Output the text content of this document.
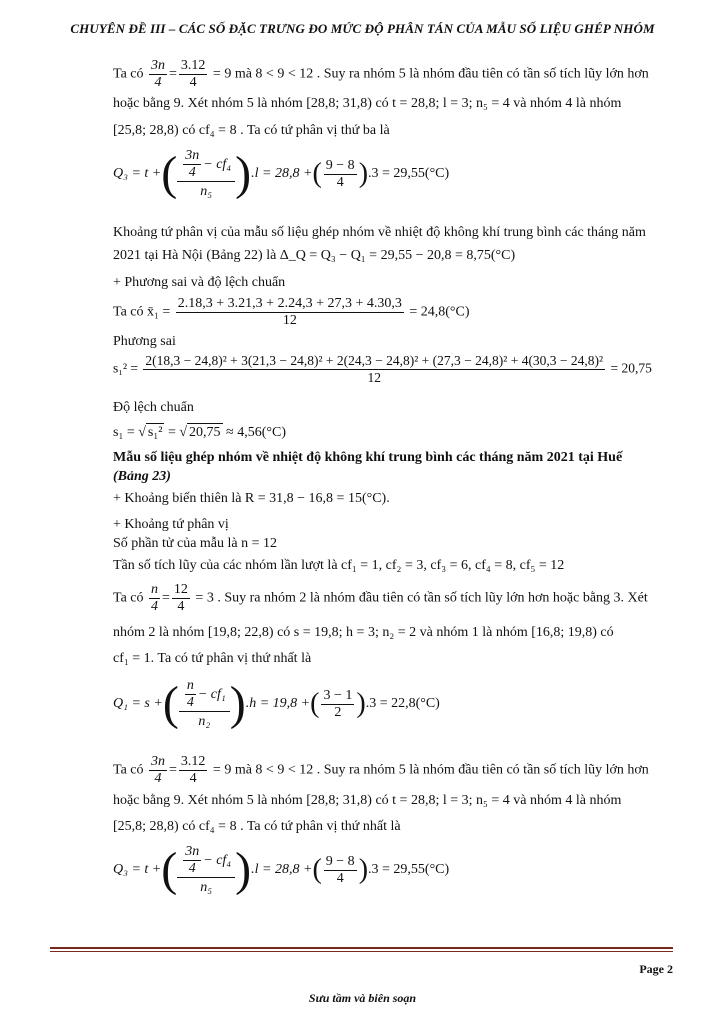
CHUYÊN ĐỀ III – CÁC SỐ ĐẶC TRƯNG ĐO MỨC ĐỘ PHÂN TÁN CỦA MẪU SỐ LIỆU GHÉP NHÓM
Ta có $\frac{3n}{4} = \frac{3.12}{4} = 9$ mà 8 < 9 < 12 . Suy ra nhóm 5 là nhóm đầu tiên có tần số tích lũy lớn hơn
hoặc bằng 9. Xét nhóm 5 là nhóm [28,8; 31,8) có t = 28,8; l = 3; n₅ = 4 và nhóm 4 là nhóm
[25,8; 28,8) có cf₄ = 8 . Ta có tứ phân vị thứ ba là
Q₃ = t + ( $\frac{3n}{4} - cf_4$
n₅ ) .l = 28,8 + ( $\frac{9 - 8}{4}$ ) .3 = 29,55(°C)
Khoảng tứ phân vị của mẫu số liệu ghép nhóm về nhiệt độ không khí trung bình các tháng năm
2021 tại Hà Nội (Bảng 22) là Δ_Q = Q₃ − Q₁ = 29,55 − 20,8 = 8,75(°C)
+ Phương sai và độ lệch chuẩn
Ta có x̄₁ = $\frac{2.18,3 + 3.21,3 + 2.24,3 + 27,3 + 4.30,3}{12} = 24,8(^\circ C)$
Phương sai
s₁² =
2(18,3 − 24,8)² + 3(21,3 − 24,8)² + 2(24,3 − 24,8)² + (27,3 − 24,8)² + 4(30,3 − 24,8)²
12
= 20,75
Độ lệch chuẩn
s₁ = √ s₁² = √ 20,75 ≈ 4,56(°C)
Mẫu số liệu ghép nhóm về nhiệt độ không khí trung bình các tháng năm 2021 tại Huế
(Bảng 23)
+ Khoảng biến thiên là R = 31,8 − 16,8 = 15(°C).
+ Khoảng tứ phân vị
Số phần tử của mẫu là n = 12
Tần số tích lũy của các nhóm lần lượt là cf₁ = 1, cf₂ = 3, cf₃ = 6, cf₄ = 8, cf₅ = 12
Ta có $\frac{n}{4} = \frac{12}{4} = 3$ . Suy ra nhóm 2 là nhóm đầu tiên có tần số tích lũy lớn hơn hoặc bằng 3. Xét
nhóm 2 là nhóm [19,8; 22,8) có s = 19,8; h = 3; n₂ = 2 và nhóm 1 là nhóm [16,8; 19,8) có
cf₁ = 1. Ta có tứ phân vị thứ nhất là
Q₁ = s + ( $\frac{n}{4} - cf_1$
n₂ ) .h = 19,8 + ( $\frac{3 - 1}{2}$ ) .3 = 22,8(°C)
Ta có $\frac{3n}{4} = \frac{3.12}{4} = 9$ mà 8 < 9 < 12 . Suy ra nhóm 5 là nhóm đầu tiên có tần số tích lũy lớn hơn
hoặc bằng 9. Xét nhóm 5 là nhóm [28,8; 31,8) có t = 28,8; l = 3; n₅ = 4 và nhóm 4 là nhóm
[25,8; 28,8) có cf₄ = 8 . Ta có tứ phân vị thứ nhất là
Q₃ = t + ( $\frac{3n}{4} - cf_4$
n₅ ) .l = 28,8 + ( $\frac{9 - 8}{4}$ ) .3 = 29,55(°C)
Page 2
Sưu tầm và biên soạn
